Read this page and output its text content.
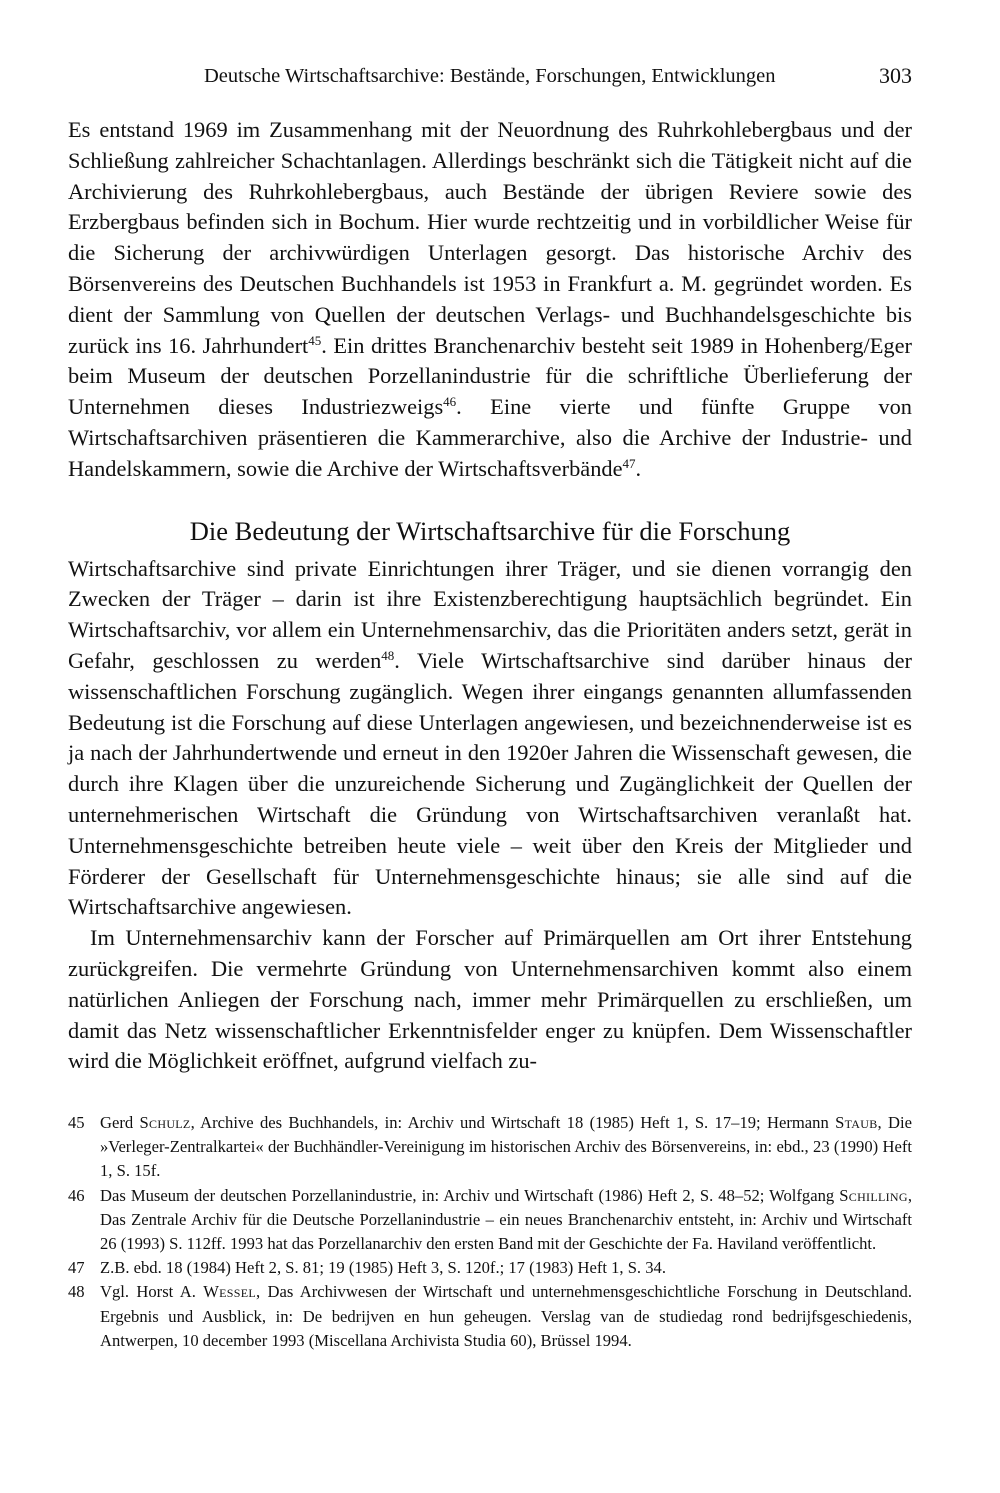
Deutsche Wirtschaftsarchive: Bestände, Forschungen, Entwicklungen	303

Es entstand 1969 im Zusammenhang mit der Neuordnung des Ruhrkohlebergbaus und der Schließung zahlreicher Schachtanlagen. Allerdings beschränkt sich die Tätigkeit nicht auf die Archivierung des Ruhrkohlebergbaus, auch Bestände der übrigen Reviere sowie des Erzbergbaus befinden sich in Bochum. Hier wurde rechtzeitig und in vorbildlicher Weise für die Sicherung der archivwürdigen Unterlagen gesorgt. Das historische Archiv des Börsenvereins des Deutschen Buchhandels ist 1953 in Frankfurt a. M. gegründet worden. Es dient der Sammlung von Quellen der deutschen Verlags- und Buchhandelsgeschichte bis zurück ins 16. Jahrhundert$^{45}$. Ein drittes Branchenarchiv besteht seit 1989 in Hohenberg/Eger beim Museum der deutschen Porzellanindustrie für die schriftliche Überlieferung der Unternehmen dieses Industriezweigs$^{46}$. Eine vierte und fünfte Gruppe von Wirtschaftsarchiven präsentieren die Kammerarchive, also die Archive der Industrie- und Handelskammern, sowie die Archive der Wirtschaftsverbände$^{47}$.

Die Bedeutung der Wirtschaftsarchive für die Forschung

Wirtschaftsarchive sind private Einrichtungen ihrer Träger, und sie dienen vorrangig den Zwecken der Träger – darin ist ihre Existenzberechtigung hauptsächlich begründet. Ein Wirtschaftsarchiv, vor allem ein Unternehmensarchiv, das die Prioritäten anders setzt, gerät in Gefahr, geschlossen zu werden$^{48}$. Viele Wirtschaftsarchive sind darüber hinaus der wissenschaftlichen Forschung zugänglich. Wegen ihrer eingangs genannten allumfassenden Bedeutung ist die Forschung auf diese Unterlagen angewiesen, und bezeichnenderweise ist es ja nach der Jahrhundertwende und erneut in den 1920er Jahren die Wissenschaft gewesen, die durch ihre Klagen über die unzureichende Sicherung und Zugänglichkeit der Quellen der unternehmerischen Wirtschaft die Gründung von Wirtschaftsarchiven veranlaßt hat. Unternehmensgeschichte betreiben heute viele – weit über den Kreis der Mitglieder und Förderer der Gesellschaft für Unternehmensgeschichte hinaus; sie alle sind auf die Wirtschaftsarchive angewiesen.

Im Unternehmensarchiv kann der Forscher auf Primärquellen am Ort ihrer Entstehung zurückgreifen. Die vermehrte Gründung von Unternehmensarchiven kommt also einem natürlichen Anliegen der Forschung nach, immer mehr Primärquellen zu erschließen, um damit das Netz wissenschaftlicher Erkenntnisfelder enger zu knüpfen. Dem Wissenschaftler wird die Möglichkeit eröffnet, aufgrund vielfach zu-

45 Gerd Schulz, Archive des Buchhandels, in: Archiv und Wirtschaft 18 (1985) Heft 1, S. 17–19; Hermann Staub, Die »Verleger-Zentralkartei« der Buchhändler-Vereinigung im historischen Archiv des Börsenvereins, in: ebd., 23 (1990) Heft 1, S. 15f.
46 Das Museum der deutschen Porzellanindustrie, in: Archiv und Wirtschaft (1986) Heft 2, S. 48–52; Wolfgang Schilling, Das Zentrale Archiv für die Deutsche Porzellanindustrie – ein neues Branchenarchiv entsteht, in: Archiv und Wirtschaft 26 (1993) S. 112ff. 1993 hat das Porzellanarchiv den ersten Band mit der Geschichte der Fa. Haviland veröffentlicht.
47 Z.B. ebd. 18 (1984) Heft 2, S. 81; 19 (1985) Heft 3, S. 120f.; 17 (1983) Heft 1, S. 34.
48 Vgl. Horst A. Wessel, Das Archivwesen der Wirtschaft und unternehmensgeschichtliche Forschung in Deutschland. Ergebnis und Ausblick, in: De bedrijven en hun geheugen. Verslag van de studiedag rond bedrijfsgeschiedenis, Antwerpen, 10 december 1993 (Miscellana Archivista Studia 60), Brüssel 1994.
